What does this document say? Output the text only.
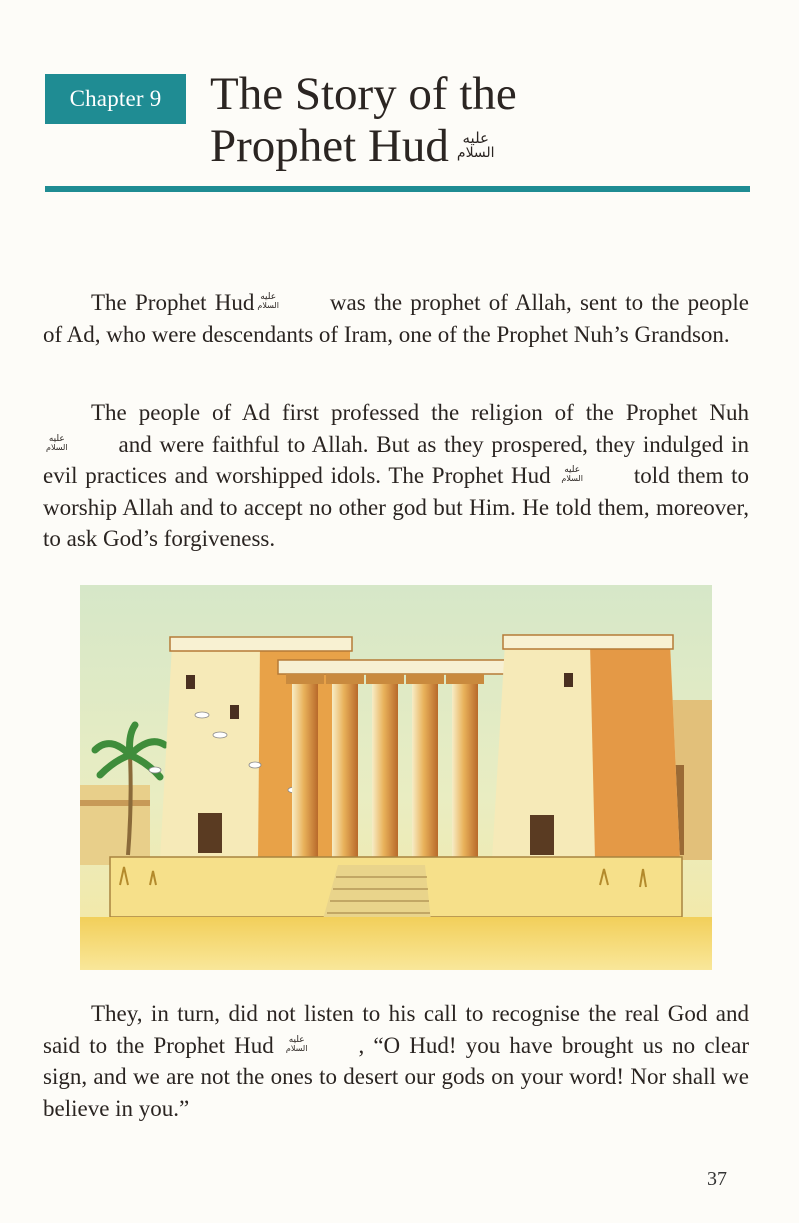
Chapter 9 The Story of the
Prophet Hud عليه
السلام

The Prophet Hud عليه
السلام	was the prophet of Allah, sent to the people of Ad, who were descendants of Iram, one of the Prophet Nuh’s Grandson.

The people of Ad first professed the religion of the Prophet Nuh
عليه
السلام	and were faithful to Allah. But as they prospered, they indulged in evil practices and worshipped idols. The Prophet Hud	عليه
السلام	told them to worship Allah and to accept no other god but Him. He told them, moreover, to ask God’s forgiveness.

They, in turn, did not listen to his call to recognise the real God and said to the Prophet Hud	عليه
السلام	, “O Hud! you have brought us no clear sign, and we are not the ones to desert our gods on your word! Nor shall we believe in you.”

37
